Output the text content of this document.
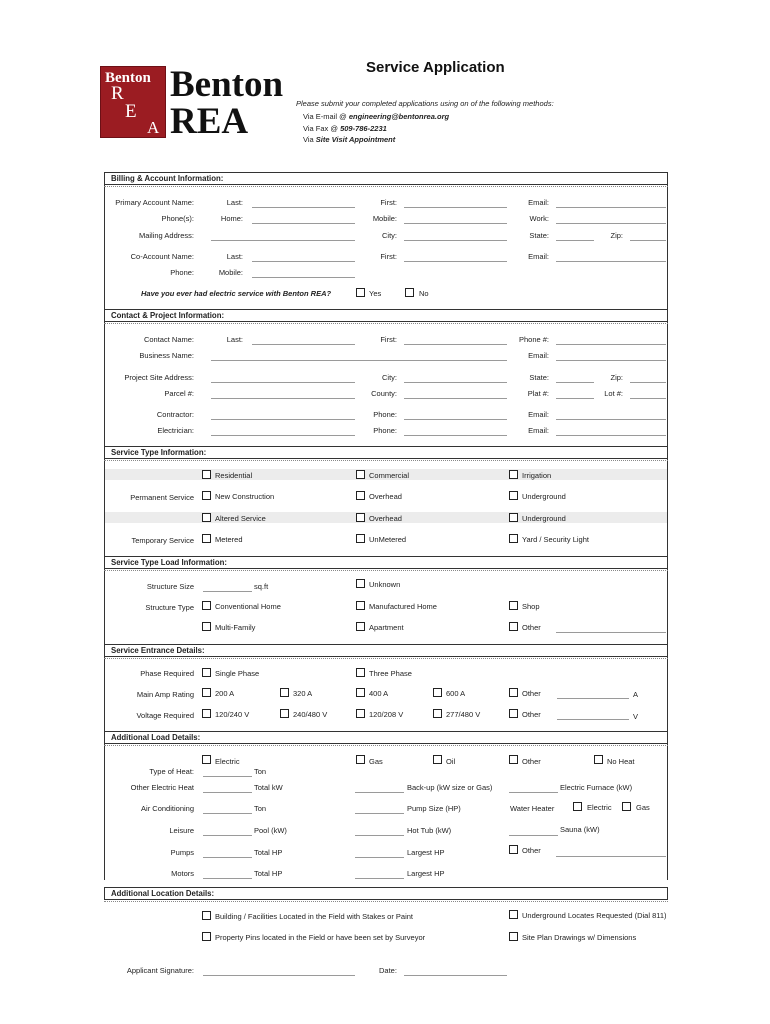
Benton
R
E
A
Benton
REA
Service Application
Please submit your completed applications using on of the following methods:
Via E-mail @ engineering@bentonrea.org
Via Fax @ 509-786-2231
Via Site Visit Appointment
Billing & Account Information:
Primary Account Name:	Last:	First:	Email:
Phone(s):	Home:	Mobile:	Work:
Mailing Address:	City:	State:	Zip:
Co-Account Name:	Last:	First:	Email:
Phone:	Mobile:
Have you ever had electric service with Benton REA?	Yes	No
Contact & Project Information:
Contact Name:	Last:	First:	Phone #:
Business Name:	Email:
Project Site Address:	City:	State:	Zip:
Parcel #:	County:	Plat #:	Lot #:
Contractor:	Phone:	Email:
Electrician:	Phone:	Email:
Service Type Information:
Residential	Commercial	Irrigation
Permanent Service	New Construction	Overhead	Underground
Altered Service	Overhead	Underground
Temporary Service	Metered	UnMetered	Yard / Security Light
Service Type Load Information:
Structure Size	sq.ft	Unknown
Structure Type	Conventional Home	Manufactured Home	Shop
Multi-Family	Apartment	Other
Service Entrance Details:
Phase Required	Single Phase	Three Phase
Main Amp Rating	200 A	320 A	400 A	600 A	Other	A
Voltage Required	120/240 V	240/480 V	120/208 V	277/480 V	Other	V
Additional Load Details:
Electric	Gas	Oil	Other	No Heat
Type of Heat:	Ton
Other Electric Heat	Total kW	Back-up (kW size or Gas)	Electric Furnace (kW)
Air Conditioning	Ton	Pump Size (HP)	Water Heater	Electric	Gas
Leisure	Pool (kW)	Hot Tub (kW)	Sauna (kW)
Pumps	Total HP	Largest HP	Other
Motors	Total HP	Largest HP
Additional Location Details:
Building / Facilities Located in the Field with Stakes or Paint	Underground Locates Requested (Dial 811)
Property Pins located in the Field or have been set by Surveyor	Site Plan Drawings w/ Dimensions
Applicant Signature:	Date:
